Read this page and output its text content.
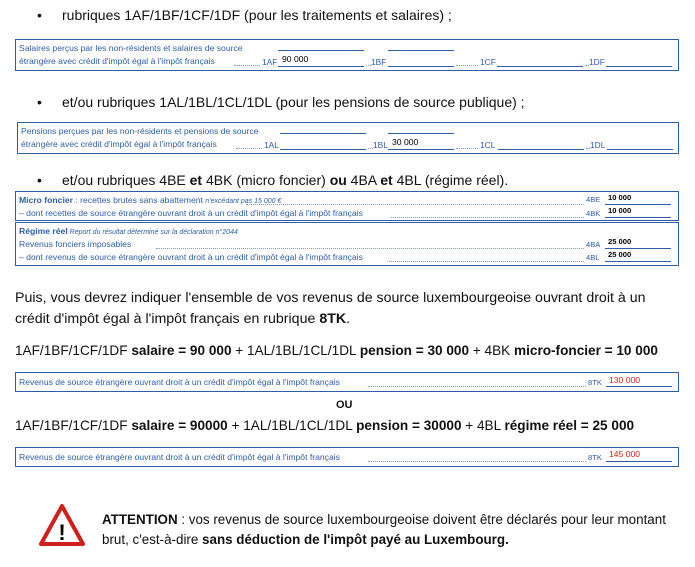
• rubriques 1AF/1BF/1CF/1DF (pour les traitements et salaires) ;
Salaires perçus par les non-résidents et salaires de source
étrangère avec crédit d'impôt égal à l'impôt français	1AF 90 000	1BF	1CF	1DF
• et/ou rubriques 1AL/1BL/1CL/1DL (pour les pensions de source publique) ;
Pensions perçues par les non-résidents et pensions de source
étrangère avec crédit d'impôt égal à l'impôt français	1AL	1BL 30 000	1CL	1DL
• et/ou rubriques 4BE et 4BK (micro foncier) ou 4BA et 4BL (régime réel).
Micro foncier : recettes brutes sans abattement n'excédant pas 15 000 €	4BE 10 000
– dont recettes de source étrangère ouvrant droit à un crédit d'impôt égal à l'impôt français	4BK 10 000
Régime réel Report du résultat déterminé sur la déclaration n°2044
Revenus fonciers imposables	4BA 25 000
– dont revenus de source étrangère ouvrant droit à un crédit d'impôt égal à l'impôt français	4BL 25 000
Puis, vous devrez indiquer l'ensemble de vos revenus de source luxembourgeoise ouvrant droit à un crédit d'impôt égal à l'impôt français en rubrique 8TK.
1AF/1BF/1CF/1DF salaire = 90 000 + 1AL/1BL/1CL/1DL pension = 30 000 + 4BK micro-foncier = 10 000
Revenus de source étrangère ouvrant droit à un crédit d'impôt égal à l'impôt français	8TK 130 000
OU
1AF/1BF/1CF/1DF salaire = 90000 + 1AL/1BL/1CL/1DL pension = 30000 + 4BL régime réel = 25 000
Revenus de source étrangère ouvrant droit à un crédit d'impôt égal à l'impôt français	8TK 145 000
!
ATTENTION : vos revenus de source luxembourgeoise doivent être déclarés pour leur montant brut, c'est-à-dire sans déduction de l'impôt payé au Luxembourg.
